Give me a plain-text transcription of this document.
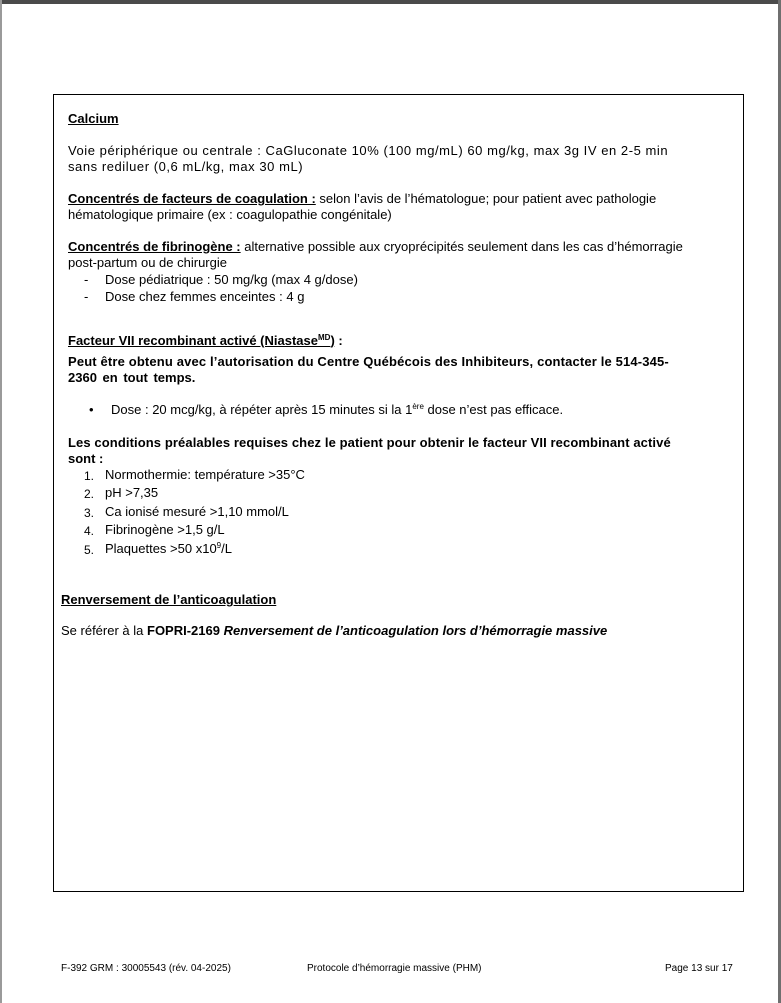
Calcium
Voie périphérique ou centrale : CaGluconate 10% (100 mg/mL) 60 mg/kg, max 3g IV en 2-5 min
sans rediluer (0,6 mL/kg, max 30 mL)
Concentrés de facteurs de coagulation : selon l’avis de l’hématologue; pour patient avec pathologie
hématologique primaire (ex : coagulopathie congénitale)
Concentrés de fibrinogène : alternative possible aux cryoprécipités seulement dans les cas d’hémorragie
post-partum ou de chirurgie
- Dose pédiatrique : 50 mg/kg (max 4 g/dose)
- Dose chez femmes enceintes : 4 g
Facteur VII recombinant activé (Niastase$^{MD}$) :
Peut être obtenu avec l’autorisation du Centre Québécois des Inhibiteurs, contacter le 514-345-
2360 en tout temps.
• Dose : 20 mcg/kg, à répéter après 15 minutes si la 1ère dose n’est pas efficace.
Les conditions préalables requises chez le patient pour obtenir le facteur VII recombinant activé
sont :
1. Normothermie: température >35°C
2. pH >7,35
3. Ca ionisé mesuré >1,10 mmol/L
4. Fibrinogène >1,5 g/L
5. Plaquettes >50 $x10^9/L$
Renversement de l’anticoagulation
Se référer à la FOPRI-2169 Renversement de l’anticoagulation lors d’hémorragie massive
F-392 GRM : 30005543 (rév. 04-2025)	Protocole d’hémorragie massive (PHM)	Page 13 sur 17
